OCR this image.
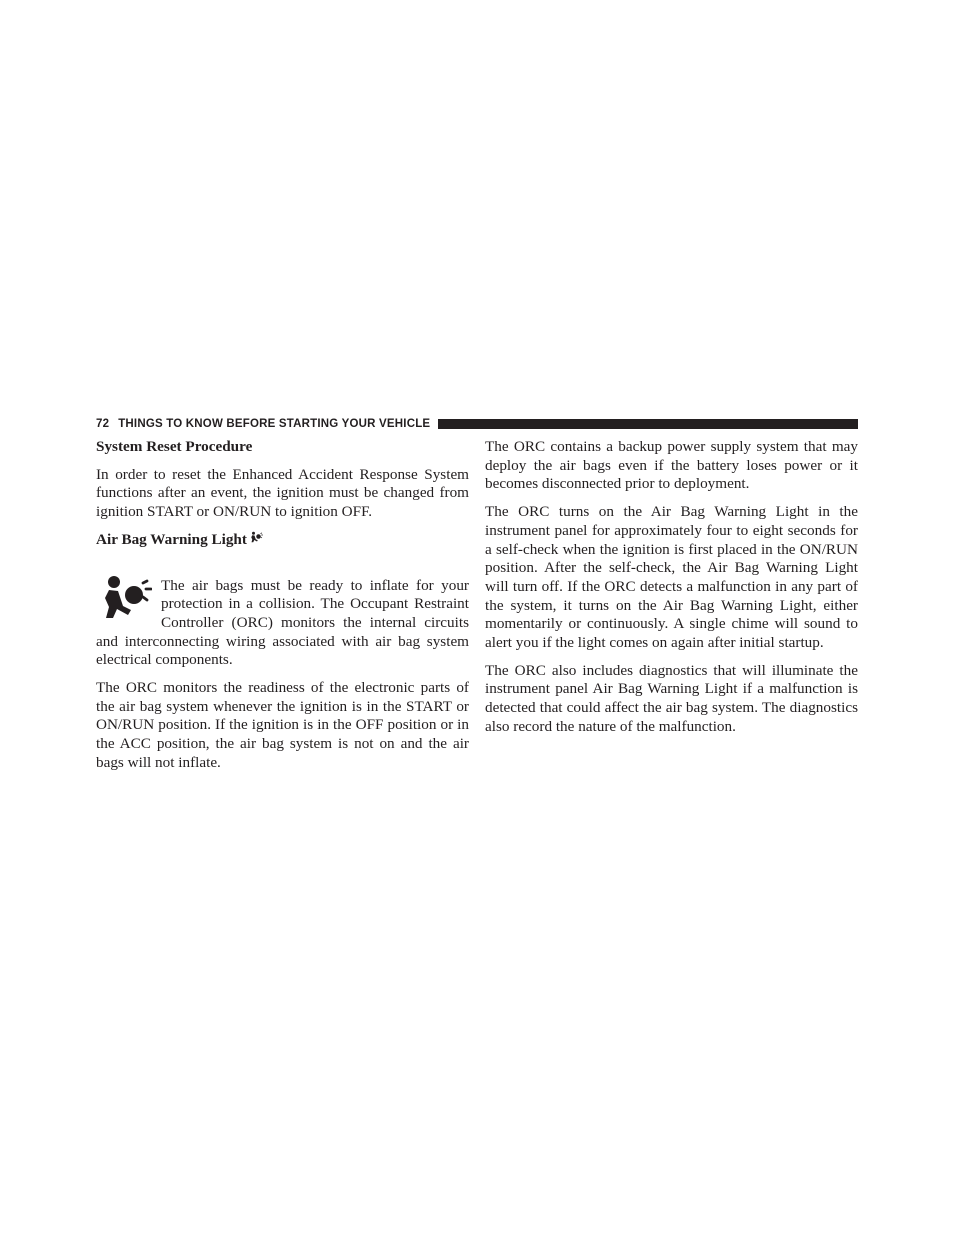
72 THINGS TO KNOW BEFORE STARTING YOUR VEHICLE
System Reset Procedure

In order to reset the Enhanced Accident Response System functions after an event, the ignition must be changed from ignition START or ON/RUN to ignition OFF.

Air Bag Warning Light

The air bags must be ready to inflate for your protection in a collision. The Occupant Restraint Controller (ORC) monitors the internal circuits and interconnecting wiring associated with air bag system electrical components.

The ORC monitors the readiness of the electronic parts of the air bag system whenever the ignition is in the START or ON/RUN position. If the ignition is in the OFF position or in the ACC position, the air bag system is not on and the air bags will not inflate.

The ORC contains a backup power supply system that may deploy the air bags even if the battery loses power or it becomes disconnected prior to deployment.

The ORC turns on the Air Bag Warning Light in the instrument panel for approximately four to eight seconds for a self-check when the ignition is first placed in the ON/RUN position. After the self-check, the Air Bag Warning Light will turn off. If the ORC detects a malfunction in any part of the system, it turns on the Air Bag Warning Light, either momentarily or continuously. A single chime will sound to alert you if the light comes on again after initial startup.

The ORC also includes diagnostics that will illuminate the instrument panel Air Bag Warning Light if a malfunction is detected that could affect the air bag system. The diagnostics also record the nature of the malfunction.
